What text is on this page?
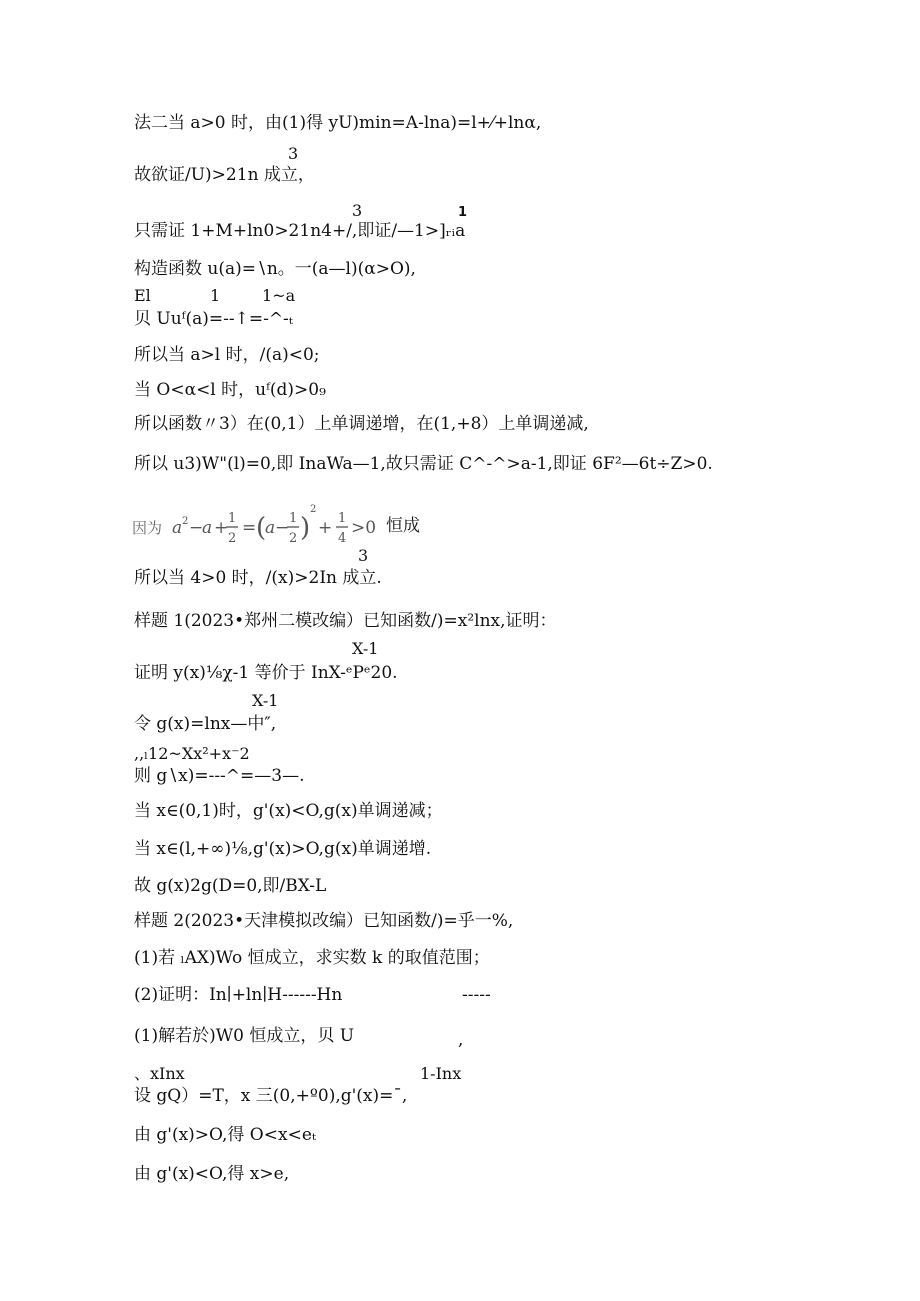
法二当 a>0 时，由(1)得 yU)min=A-lna)=l+⁄+lnα,
3
故欲证/U)>21n 成立，
3	1
只需证 1+M+ln0>21n4+/,即证/—1>]ᵣᵢa
构造函数 u(a)=∖n。一(a—l)(α>O),
El	1	1~a
贝 Uuᶠ(a)=--↑=-^-ₜ
所以当 a>l 时，/(a)<0;
当 O<α<l 时，uᶠ(d)>0₉
所以函数〃3）在(0,1）上单调递增，在(1,+8）上单调递减,
所以 u3)W"(l)=0,即 InaWa—1,故只需证 C^-^>a-1,即证 6F²—6t÷Z>0.
因为 a 2 −
a + 1
2
= (
a − 1
2 )
2
+ 1
4
>0 恒成
3
所以当 4>0 时，/(x)>2In 成立.
样题 1(2023•郑州二模改编）已知函数/)=x²lnx,证明：
X-1
证明 y(x)⅛χ-1 等价于 InX-ᵉPᵉ20.
X-1
令 g(x)=lnx—中″,
,,ₗ12~Xx²+x⁻2
则 g∖x)=---^=—3—.
当 x∈(0,1)时，g'(x)<O,g(x)单调递减；
当 x∈(l,+∞)⅛,g'(x)>O,g(x)单调递增.
故 g(x)2g(D=0,即/BX-L
样题 2(2023•天津模拟改编）已知函数/)=乎一%,
(1)若 ₗAX)Wo 恒成立，求实数 k 的取值范围；
(2)证明：In∣+ln∣H------Hn	-----
(1)解若於)W0 恒成立，贝 U	,
、xInx	1-Inx
设 gQ）=T，x 三(0,+º0),g'(x)=ˉ,
由 g'(x)>O,得 O<x<eₜ
由 g'(x)<O,得 x>e,
